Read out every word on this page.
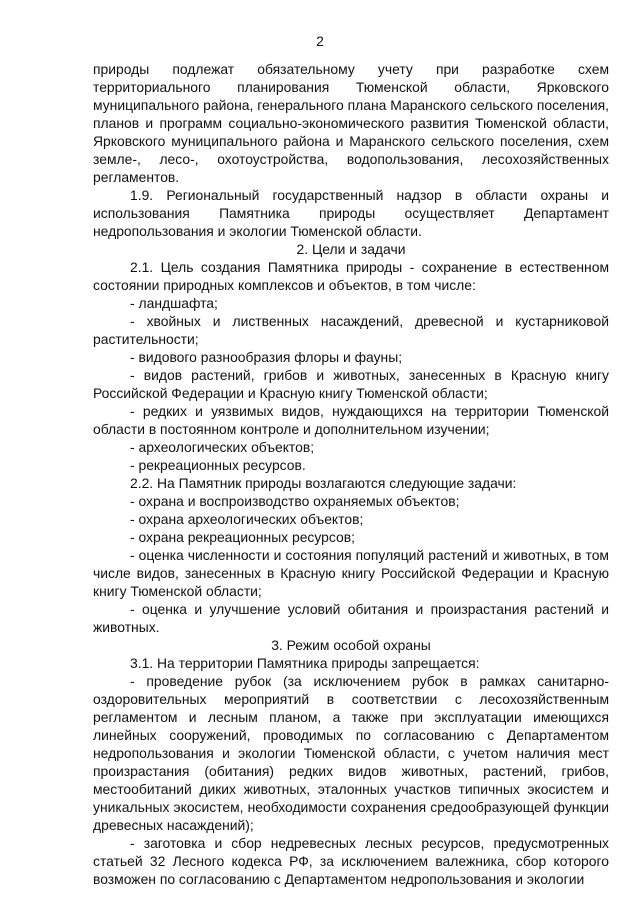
2

природы подлежат обязательному учету при разработке схем территориального планирования Тюменской области, Ярковского муниципального района, генерального плана Маранского сельского поселения, планов и программ социально-экономического развития Тюменской области, Ярковского муниципального района и Маранского сельского поселения, схем земле-, лесо-, охотоустройства, водопользования, лесохозяйственных регламентов.

1.9. Региональный государственный надзор в области охраны и использования Памятника природы осуществляет Департамент недропользования и экологии Тюменской области.

2. Цели и задачи

2.1. Цель создания Памятника природы - сохранение в естественном состоянии природных комплексов и объектов, в том числе:

- ландшафта;

- хвойных и лиственных насаждений, древесной и кустарниковой растительности;

- видового разнообразия флоры и фауны;

- видов растений, грибов и животных, занесенных в Красную книгу Российской Федерации и Красную книгу Тюменской области;

- редких и уязвимых видов, нуждающихся на территории Тюменской области в постоянном контроле и дополнительном изучении;

- археологических объектов;

- рекреационных ресурсов.

2.2. На Памятник природы возлагаются следующие задачи:

- охрана и воспроизводство охраняемых объектов;

- охрана археологических объектов;

- охрана рекреационных ресурсов;

- оценка численности и состояния популяций растений и животных, в том числе видов, занесенных в Красную книгу Российской Федерации и Красную книгу Тюменской области;

- оценка и улучшение условий обитания и произрастания растений и животных.

3. Режим особой охраны

3.1. На территории Памятника природы запрещается:

- проведение рубок (за исключением рубок в рамках санитарно-оздоровительных мероприятий в соответствии с лесохозяйственным регламентом и лесным планом, а также при эксплуатации имеющихся линейных сооружений, проводимых по согласованию с Департаментом недропользования и экологии Тюменской области, с учетом наличия мест произрастания (обитания) редких видов животных, растений, грибов, местообитаний диких животных, эталонных участков типичных экосистем и уникальных экосистем, необходимости сохранения средообразующей функции древесных насаждений);

- заготовка и сбор недревесных лесных ресурсов, предусмотренных статьей 32 Лесного кодекса РФ, за исключением валежника, сбор которого возможен по согласованию с Департаментом недропользования и экологии
